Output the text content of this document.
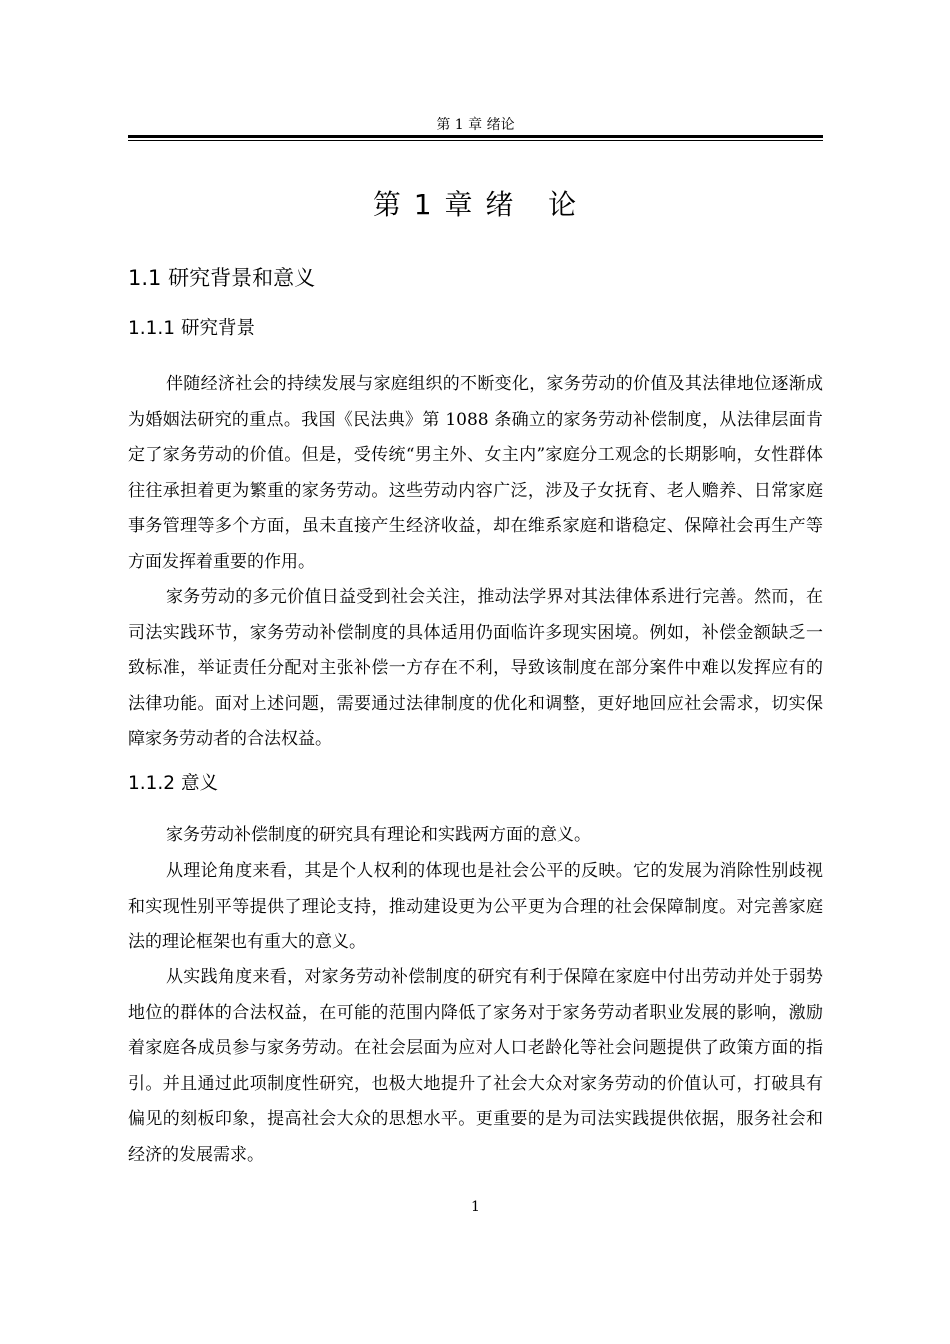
第 1 章 绪论
第 1 章 绪   论
1.1 研究背景和意义
1.1.1 研究背景

伴随经济社会的持续发展与家庭组织的不断变化，家务劳动的价值及其法律地位逐渐成为婚姻法研究的重点。我国《民法典》第 1088 条确立的家务劳动补偿制度，从法律层面肯定了家务劳动的价值。但是，受传统“男主外、女主内”家庭分工观念的长期影响，女性群体往往承担着更为繁重的家务劳动。这些劳动内容广泛，涉及子女抚育、老人赡养、日常家庭事务管理等多个方面，虽未直接产生经济收益，却在维系家庭和谐稳定、保障社会再生产等方面发挥着重要的作用。

家务劳动的多元价值日益受到社会关注，推动法学界对其法律体系进行完善。然而，在司法实践环节，家务劳动补偿制度的具体适用仍面临许多现实困境。例如，补偿金额缺乏一致标准，举证责任分配对主张补偿一方存在不利，导致该制度在部分案件中难以发挥应有的法律功能。面对上述问题，需要通过法律制度的优化和调整，更好地回应社会需求，切实保障家务劳动者的合法权益。

1.1.2 意义

家务劳动补偿制度的研究具有理论和实践两方面的意义。

从理论角度来看，其是个人权利的体现也是社会公平的反映。它的发展为消除性别歧视和实现性别平等提供了理论支持，推动建设更为公平更为合理的社会保障制度。对完善家庭法的理论框架也有重大的意义。

从实践角度来看，对家务劳动补偿制度的研究有利于保障在家庭中付出劳动并处于弱势地位的群体的合法权益，在可能的范围内降低了家务对于家务劳动者职业发展的影响，激励着家庭各成员参与家务劳动。在社会层面为应对人口老龄化等社会问题提供了政策方面的指引。并且通过此项制度性研究，也极大地提升了社会大众对家务劳动的价值认可，打破具有偏见的刻板印象，提高社会大众的思想水平。更重要的是为司法实践提供依据，服务社会和经济的发展需求。

1
